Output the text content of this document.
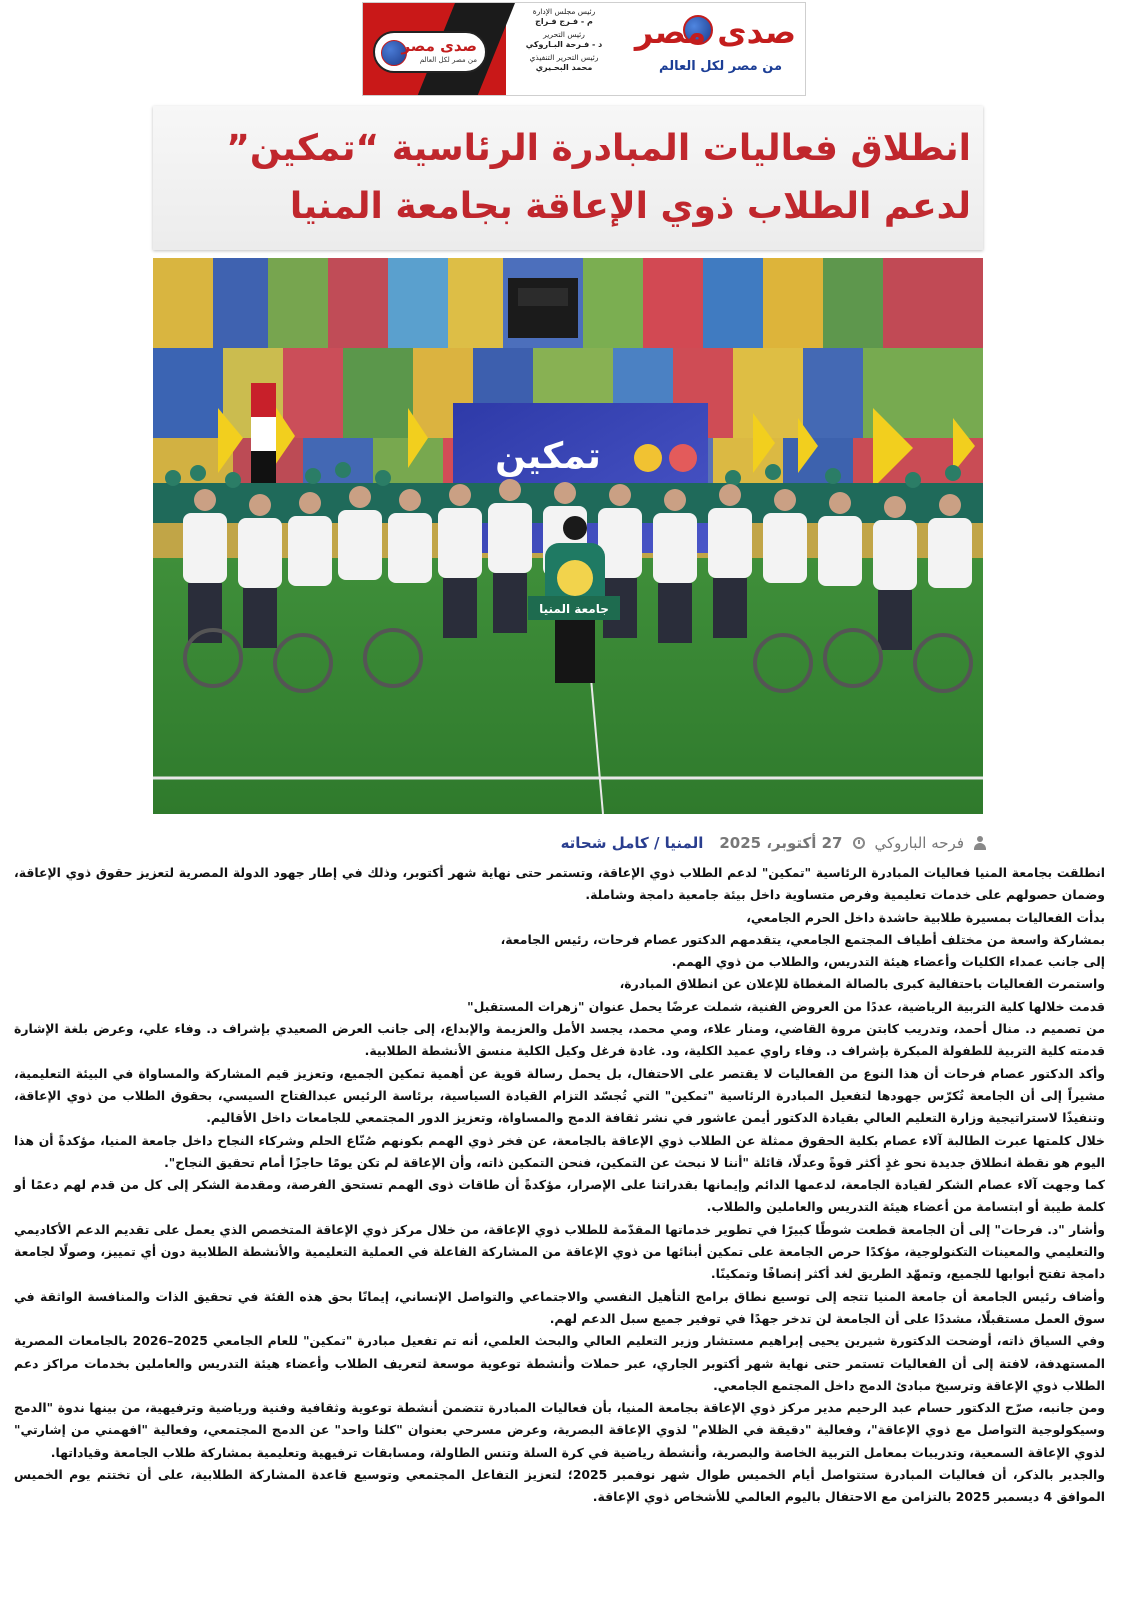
صدى مصر
من مصر لكل العالم
رئيس مجلس الإدارة
م - فـرج فـراج
رئيس التحرير
د - فـرحة البـاروكي
رئيس التحرير التنفيذي
محمد البحـيري
صدى مصر
من مصر لكل العالم
انطلاق فعاليات المبادرة الرئاسية “تمكين” لدعم الطلاب ذوي الإعاقة بجامعة المنيا
تمكين
جامعة المنيا
فرحه الباروكي
27 أكتوبر، 2025
المنيا / كامل شحاته

انطلقت بجامعة المنيا فعاليات المبادرة الرئاسية "تمكين" لدعم الطلاب ذوي الإعاقة، وتستمر حتى نهاية شهر أكتوبر، وذلك في إطار جهود الدولة المصرية لتعزيز حقوق ذوي الإعاقة، وضمان حصولهم على خدمات تعليمية وفرص متساوية داخل بيئة جامعية دامجة وشاملة.

بدأت الفعاليات بمسيرة طلابية حاشدة داخل الحرم الجامعي،

بمشاركة واسعة من مختلف أطياف المجتمع الجامعي، يتقدمهم الدكتور عصام فرحات، رئيس الجامعة،

إلى جانب عمداء الكليات وأعضاء هيئة التدريس، والطلاب من ذوي الهمم.

واستمرت الفعاليات باحتفالية كبرى بالصالة المغطاة للإعلان عن انطلاق المبادرة،

قدمت خلالها كلية التربية الرياضية، عددًا من العروض الفنية، شملت عرضًا يحمل عنوان "زهرات المستقبل"

من تصميم د. منال أحمد، وتدريب كابتن مروة القاضي، ومنار علاء، ومي محمد، يجسد الأمل والعزيمة والإبداع، إلى جانب العرض الصعيدي بإشراف د. وفاء علي، وعرض بلغة الإشارة قدمته كلية التربية للطفولة المبكرة بإشراف د. وفاء راوي عميد الكلية، ود. غادة فرغل وكيل الكلية منسق الأنشطة الطلابية.

وأكد الدكتور عصام فرحات أن هذا النوع من الفعاليات لا يقتصر على الاحتفال، بل يحمل رسالة قوية عن أهمية تمكين الجميع، وتعزيز قيم المشاركة والمساواة في البيئة التعليمية، مشيراً إلى أن الجامعة تُكرّس جهودها لتفعيل المبادرة الرئاسية "تمكين" التي تُجسّد التزام القيادة السياسية، برئاسة الرئيس عبدالفتاح السيسي، بحقوق الطلاب من ذوي الإعاقة، وتنفيذًا لاستراتيجية وزارة التعليم العالي بقيادة الدكتور أيمن عاشور في نشر ثقافة الدمج والمساواة، وتعزيز الدور المجتمعي للجامعات داخل الأقاليم.

خلال كلمتها عبرت الطالبة آلاء عصام بكلية الحقوق ممثلة عن الطلاب ذوي الإعاقة بالجامعة، عن فخر ذوي الهمم بكونهم صُنّاع الحلم وشركاء النجاح داخل جامعة المنيا، مؤكدةً أن هذا اليوم هو نقطة انطلاق جديدة نحو غدٍ أكثر قوةً وعدلًا، قائلة "أننا لا نبحث عن التمكين، فنحن التمكين ذاته، وأن الإعاقة لم تكن يومًا حاجزًا أمام تحقيق النجاح".

كما وجهت آلاء عصام الشكر لقيادة الجامعة، لدعمها الدائم وإيمانها بقدراتنا على الإصرار، مؤكدةً أن طاقات ذوى الهمم تستحق الفرصة، ومقدمة الشكر إلى كل من قدم لهم دعمًا أو كلمة طيبة أو ابتسامة من أعضاء هيئة التدريس والعاملين والطلاب.

وأشار "د. فرحات" إلى أن الجامعة قطعت شوطًا كبيرًا في تطوير خدماتها المقدّمة للطلاب ذوي الإعاقة، من خلال مركز ذوي الإعاقة المتخصص الذي يعمل على تقديم الدعم الأكاديمي والتعليمي والمعينات التكنولوجية، مؤكدًا حرص الجامعة على تمكين أبنائها من ذوي الإعاقة من المشاركة الفاعلة في العملية التعليمية والأنشطة الطلابية دون أي تمييز، وصولًا لجامعة دامجة تفتح أبوابها للجميع، وتمهّد الطريق لغد أكثر إنصافًا وتمكينًا.

وأضاف رئيس الجامعة أن جامعة المنيا تتجه إلى توسيع نطاق برامج التأهيل النفسي والاجتماعي والتواصل الإنساني، إيمانًا بحق هذه الفئة في تحقيق الذات والمنافسة الواثقة في سوق العمل مستقبلًا، مشددًا على أن الجامعة لن تدخر جهدًا في توفير جميع سبل الدعم لهم.

وفي السياق ذاته، أوضحت الدكتورة شيرين يحيى إبراهيم مستشار وزير التعليم العالي والبحث العلمي، أنه تم تفعيل مبادرة "تمكين" للعام الجامعي 2025–2026 بالجامعات المصرية المستهدفة، لافتة إلى أن الفعاليات تستمر حتى نهاية شهر أكتوبر الجاري، عبر حملات وأنشطة توعوية موسعة لتعريف الطلاب وأعضاء هيئة التدريس والعاملين بخدمات مراكز دعم الطلاب ذوي الإعاقة وترسيخ مبادئ الدمج داخل المجتمع الجامعي.

ومن جانبه، صرّح الدكتور حسام عبد الرحيم مدير مركز ذوي الإعاقة بجامعة المنيا، بأن فعاليات المبادرة تتضمن أنشطة توعوية وثقافية وفنية ورياضية وترفيهية، من بينها ندوة "الدمج وسيكولوجية التواصل مع ذوي الإعاقة"، وفعالية "دقيقة في الظلام" لذوي الإعاقة البصرية، وعرض مسرحي بعنوان "كلنا واحد" عن الدمج المجتمعي، وفعالية "افهمني من إشارتي" لذوي الإعاقة السمعية، وتدريبات بمعامل التربية الخاصة والبصرية، وأنشطة رياضية في كرة السلة وتنس الطاولة، ومسابقات ترفيهية وتعليمية بمشاركة طلاب الجامعة وقياداتها.

والجدير بالذكر، أن فعاليات المبادرة ستتواصل أيام الخميس طوال شهر نوفمبر 2025؛ لتعزيز التفاعل المجتمعي وتوسيع قاعدة المشاركة الطلابية، على أن تختتم يوم الخميس الموافق 4 ديسمبر 2025 بالتزامن مع الاحتفال باليوم العالمي للأشخاص ذوي الإعاقة.
